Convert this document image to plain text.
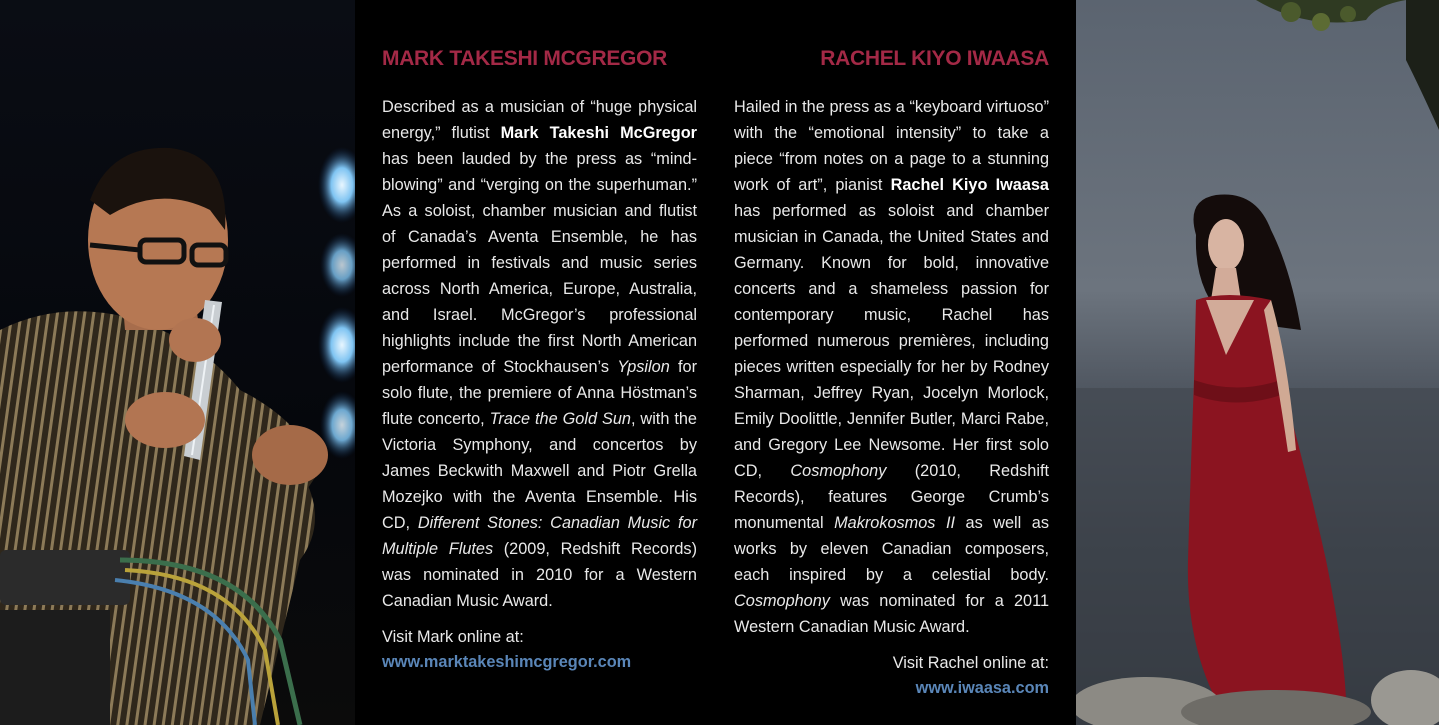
MARK TAKESHI MCGREGOR

Described as a musician of “huge physical energy,” flutist Mark Takeshi McGregor has been lauded by the press as “mind-blowing” and “verging on the superhuman.” As a soloist, chamber musician and flutist of Canada’s Aventa Ensemble, he has performed in festivals and music series across North America, Europe, Australia, and Israel. McGregor’s professional highlights include the first North American performance of Stockhausen’s Ypsilon for solo flute, the premiere of Anna Höstman’s flute concerto, Trace the Gold Sun, with the Victoria Symphony, and concertos by James Beckwith Maxwell and Piotr Grella Mozejko with the Aventa Ensemble. His CD, Different Stones: Canadian Music for Multiple Flutes (2009, Redshift Records) was nominated in 2010 for a Western Canadian Music Award.

Visit Mark online at:
www.marktakeshimcgregor.com

RACHEL KIYO IWAASA

Hailed in the press as a “keyboard virtuoso” with the “emotional intensity” to take a piece “from notes on a page to a stunning work of art”, pianist Rachel Kiyo Iwaasa has performed as soloist and chamber musician in Canada, the United States and Germany. Known for bold, innovative concerts and a shameless passion for contemporary music, Rachel has performed numerous premières, including pieces written especially for her by Rodney Sharman, Jeffrey Ryan, Jocelyn Morlock, Emily Doolittle, Jennifer Butler, Marci Rabe, and Gregory Lee Newsome. Her first solo CD, Cosmophony (2010, Redshift Records), features George Crumb’s monumental Makrokosmos II as well as works by eleven Canadian composers, each inspired by a celestial body. Cosmophony was nominated for a 2011 Western Canadian Music Award.

Visit Rachel online at:
www.iwaasa.com
